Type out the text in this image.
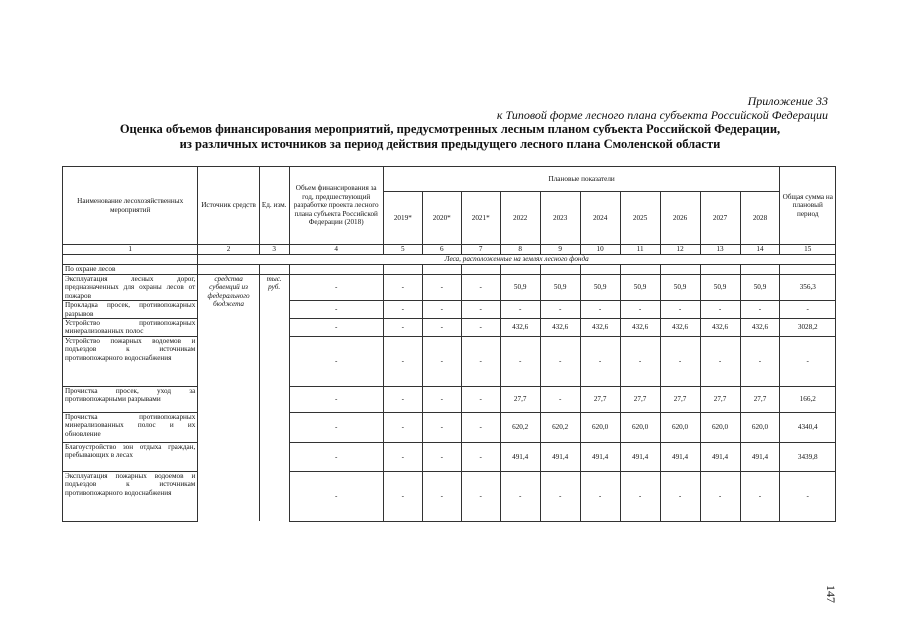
Приложение 33
к Типовой форме лесного плана субъекта Российской Федерации
Оценка объемов финансирования мероприятий, предусмотренных лесным планом субъекта Российской Федерации,
из различных источников за период действия предыдущего лесного плана Смоленской области
Наименование лесохозяйственных мероприятий	Источник средств	Ед. изм.	Объем финансирования за год, предшествующий разработке проекта лесного плана субъекта Российской Федерации (2018)	Плановые показатели										Общая сумма на плановый период
				2019*	2020*	2021*	2022	2023	2024	2025	2026	2027	2028	
1	2	3	4	5	6	7	8	9	10	11	12	13	14	15
	Леса, расположенные на землях лесного фонда													
По охране лесов														
Эксплуатация лесных дорог, предназначенных для охраны лесов от пожаров	средства субвенций из федерального бюджета	тыс. руб.	-	-	-	-	50,9	50,9	50,9	50,9	50,9	50,9	50,9	356,3
Прокладка просек, противопожарных разрывов			-	-	-	-	-	-	-	-	-	-	-	-
Устройство противопожарных минерализованных полос			-	-	-	-	432,6	432,6	432,6	432,6	432,6	432,6	432,6	3028,2
Устройство пожарных водоемов и подъездов к источникам противопожарного водоснабжения			-	-	-	-	-	-	-	-	-	-	-	-
Прочистка просек, уход за противопожарными разрывами			-	-	-	-	27,7	-	27,7	27,7	27,7	27,7	27,7	166,2
Прочистка противопожарных минерализованных полос и их обновление			-	-	-	-	620,2	620,2	620,0	620,0	620,0	620,0	620,0	4340,4
Благоустройство зон отдыха граждан, пребывающих в лесах			-	-	-	-	491,4	491,4	491,4	491,4	491,4	491,4	491,4	3439,8
Эксплуатация пожарных водоемов и подъездов к источникам противопожарного водоснабжения			-	-	-	-	-	-	-	-	-	-	-	-
147
